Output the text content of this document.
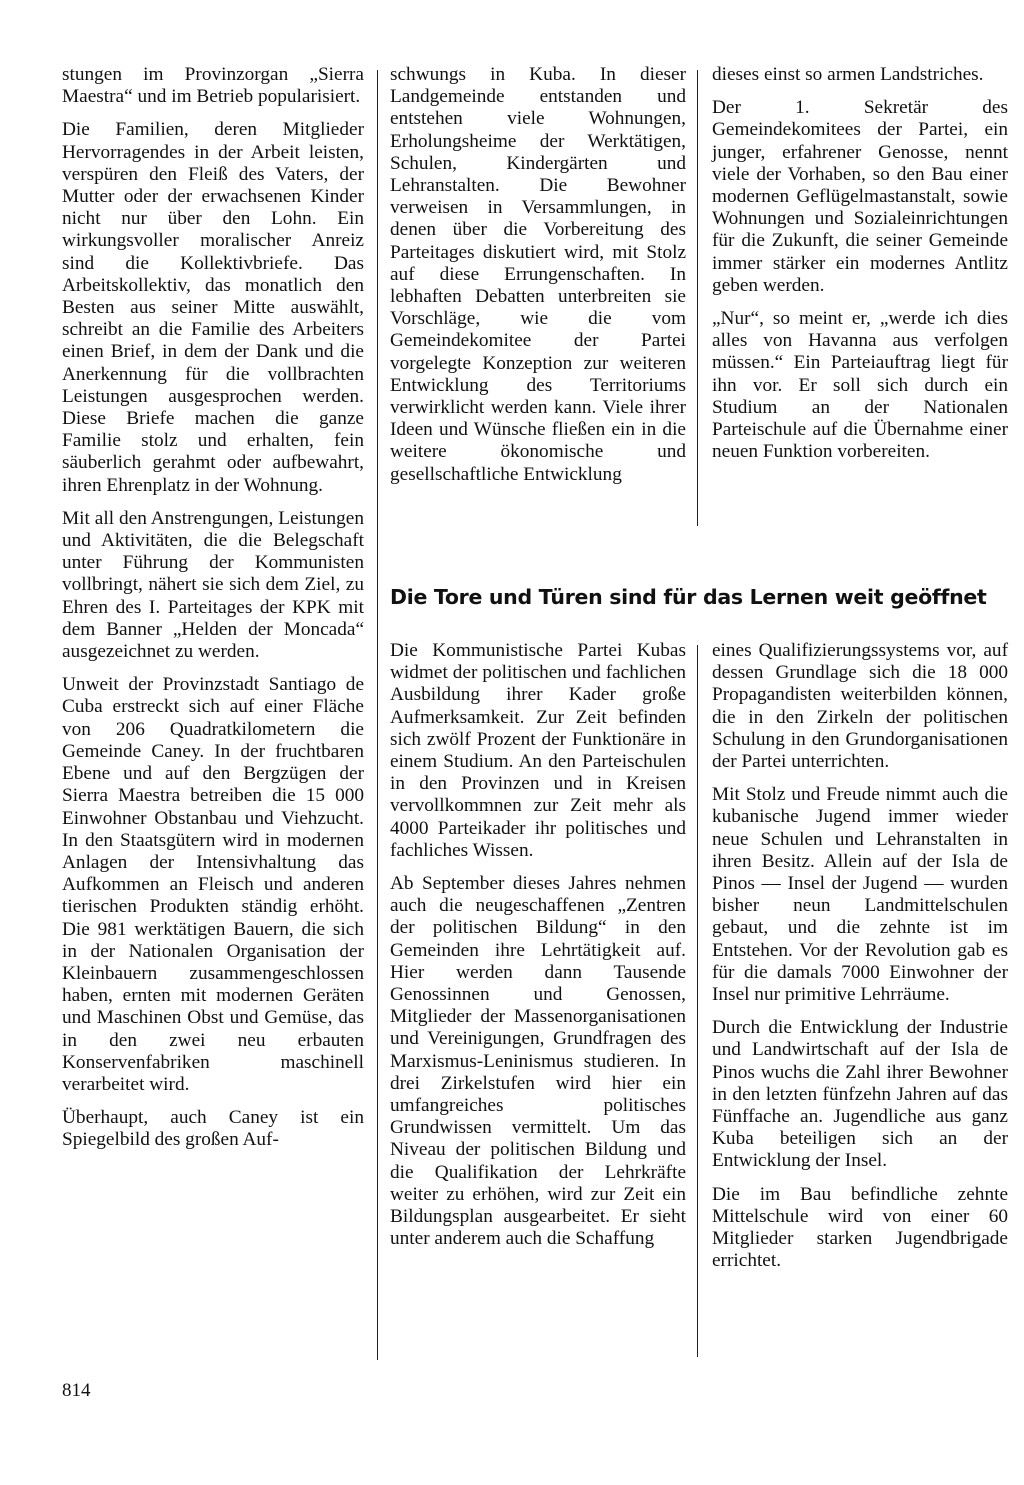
stungen im Provinzorgan „Sierra Maestra“ und im Betrieb popularisiert.

Die Familien, deren Mitglieder Hervorragendes in der Arbeit leisten, verspüren den Fleiß des Vaters, der Mutter oder der erwachsenen Kinder nicht nur über den Lohn. Ein wirkungsvoller moralischer Anreiz sind die Kollektivbriefe. Das Arbeitskollektiv, das monatlich den Besten aus seiner Mitte auswählt, schreibt an die Familie des Arbeiters einen Brief, in dem der Dank und die Anerkennung für die vollbrachten Leistungen ausgesprochen werden. Diese Briefe machen die ganze Familie stolz und erhalten, fein säuberlich gerahmt oder aufbewahrt, ihren Ehrenplatz in der Wohnung.

Mit all den Anstrengungen, Leistungen und Aktivitäten, die die Belegschaft unter Führung der Kommunisten vollbringt, nähert sie sich dem Ziel, zu Ehren des I. Parteitages der KPK mit dem Banner „Helden der Moncada“ ausgezeichnet zu werden.

Unweit der Provinzstadt Santiago de Cuba erstreckt sich auf einer Fläche von 206 Quadratkilometern die Gemeinde Caney. In der fruchtbaren Ebene und auf den Bergzügen der Sierra Maestra betreiben die 15 000 Einwohner Obstanbau und Viehzucht. In den Staatsgütern wird in modernen Anlagen der Intensivhaltung das Aufkommen an Fleisch und anderen tierischen Produkten ständig erhöht. Die 981 werktätigen Bauern, die sich in der Nationalen Organisation der Kleinbauern zusammengeschlossen haben, ernten mit modernen Geräten und Maschinen Obst und Gemüse, das in den zwei neu erbauten Konservenfabriken maschinell verarbeitet wird.

Überhaupt, auch Caney ist ein Spiegelbild des großen Auf-

schwungs in Kuba. In dieser Landgemeinde entstanden und entstehen viele Wohnungen, Erholungsheime der Werktätigen, Schulen, Kindergärten und Lehranstalten. Die Bewohner verweisen in Versammlungen, in denen über die Vorbereitung des Parteitages diskutiert wird, mit Stolz auf diese Errungenschaften. In lebhaften Debatten unterbreiten sie Vorschläge, wie die vom Gemeindekomitee der Partei vorgelegte Konzeption zur weiteren Entwicklung des Territoriums verwirklicht werden kann. Viele ihrer Ideen und Wünsche fließen ein in die weitere ökonomische und gesellschaftliche Entwicklung

dieses einst so armen Landstriches.

Der 1. Sekretär des Gemeindekomitees der Partei, ein junger, erfahrener Genosse, nennt viele der Vorhaben, so den Bau einer modernen Geflügelmastanstalt, sowie Wohnungen und Sozialeinrichtungen für die Zukunft, die seiner Gemeinde immer stärker ein modernes Antlitz geben werden.

„Nur“, so meint er, „werde ich dies alles von Havanna aus verfolgen müssen.“ Ein Parteiauftrag liegt für ihn vor. Er soll sich durch ein Studium an der Nationalen Parteischule auf die Übernahme einer neuen Funktion vorbereiten.

Die Tore und Türen sind für das Lernen weit geöffnet

Die Kommunistische Partei Kubas widmet der politischen und fachlichen Ausbildung ihrer Kader große Aufmerksamkeit. Zur Zeit befinden sich zwölf Prozent der Funktionäre in einem Studium. An den Parteischulen in den Provinzen und in Kreisen vervollkommnen zur Zeit mehr als 4000 Parteikader ihr politisches und fachliches Wissen.

Ab September dieses Jahres nehmen auch die neugeschaffenen „Zentren der politischen Bildung“ in den Gemeinden ihre Lehrtätigkeit auf. Hier werden dann Tausende Genossinnen und Genossen, Mitglieder der Massenorganisationen und Vereinigungen, Grundfragen des Marxismus-Leninismus studieren. In drei Zirkelstufen wird hier ein umfangreiches politisches Grundwissen vermittelt. Um das Niveau der politischen Bildung und die Qualifikation der Lehrkräfte weiter zu erhöhen, wird zur Zeit ein Bildungsplan ausgearbeitet. Er sieht unter anderem auch die Schaffung

eines Qualifizierungssystems vor, auf dessen Grundlage sich die 18 000 Propagandisten weiterbilden können, die in den Zirkeln der politischen Schulung in den Grundorganisationen der Partei unterrichten.

Mit Stolz und Freude nimmt auch die kubanische Jugend immer wieder neue Schulen und Lehranstalten in ihren Besitz. Allein auf der Isla de Pinos — Insel der Jugend — wurden bisher neun Landmittelschulen gebaut, und die zehnte ist im Entstehen. Vor der Revolution gab es für die damals 7000 Einwohner der Insel nur primitive Lehrräume.

Durch die Entwicklung der Industrie und Landwirtschaft auf der Isla de Pinos wuchs die Zahl ihrer Bewohner in den letzten fünfzehn Jahren auf das Fünffache an. Jugendliche aus ganz Kuba beteiligen sich an der Entwicklung der Insel.

Die im Bau befindliche zehnte Mittelschule wird von einer 60 Mitglieder starken Jugendbrigade errichtet.

814
